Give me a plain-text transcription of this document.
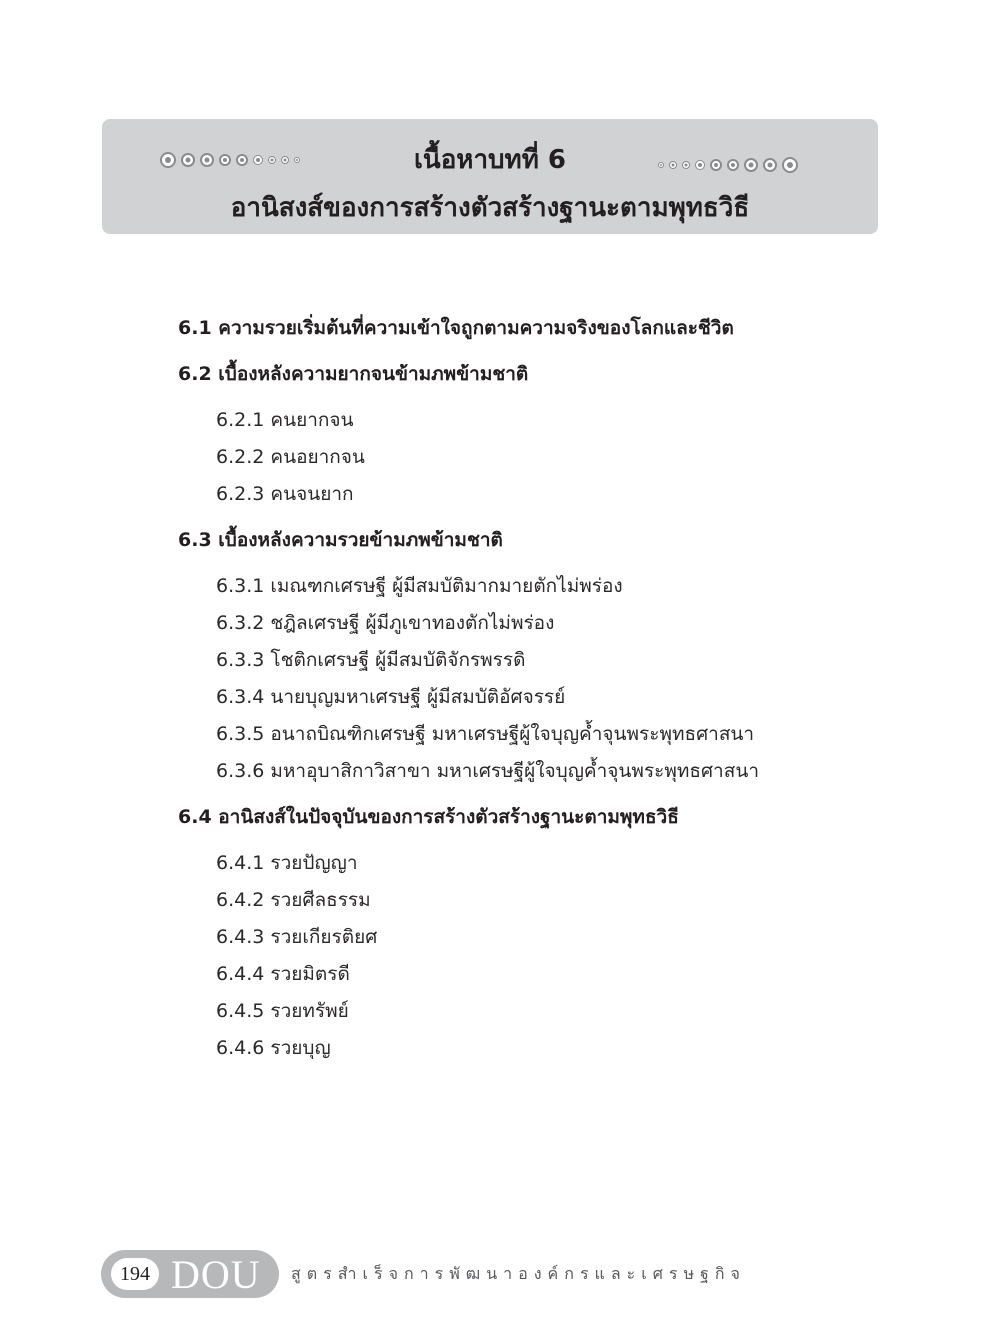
เนื้อหาบทที่ 6
อานิสงส์ของการสร้างตัวสร้างฐานะตามพุทธวิธี
6.1 ความรวยเริ่มต้นที่ความเข้าใจถูกตามความจริงของโลกและชีวิต
6.2 เบื้องหลังความยากจนข้ามภพข้ามชาติ
6.2.1 คนยากจน
6.2.2 คนอยากจน
6.2.3 คนจนยาก
6.3 เบื้องหลังความรวยข้ามภพข้ามชาติ
6.3.1 เมณฑกเศรษฐี ผู้มีสมบัติมากมายตักไม่พร่อง
6.3.2 ชฎิลเศรษฐี ผู้มีภูเขาทองตักไม่พร่อง
6.3.3 โชติกเศรษฐี ผู้มีสมบัติจักรพรรดิ
6.3.4 นายบุญมหาเศรษฐี ผู้มีสมบัติอัศจรรย์
6.3.5 อนาถบิณฑิกเศรษฐี มหาเศรษฐีผู้ใจบุญค้ำจุนพระพุทธศาสนา
6.3.6 มหาอุบาสิกาวิสาขา มหาเศรษฐีผู้ใจบุญค้ำจุนพระพุทธศาสนา
6.4 อานิสงส์ในปัจจุบันของการสร้างตัวสร้างฐานะตามพุทธวิธี
6.4.1 รวยปัญญา
6.4.2 รวยศีลธรรม
6.4.3 รวยเกียรติยศ
6.4.4 รวยมิตรดี
6.4.5 รวยทรัพย์
6.4.6 รวยบุญ
194 DOU สูตรสำเร็จการพัฒนาองค์กรและเศรษฐกิจ
